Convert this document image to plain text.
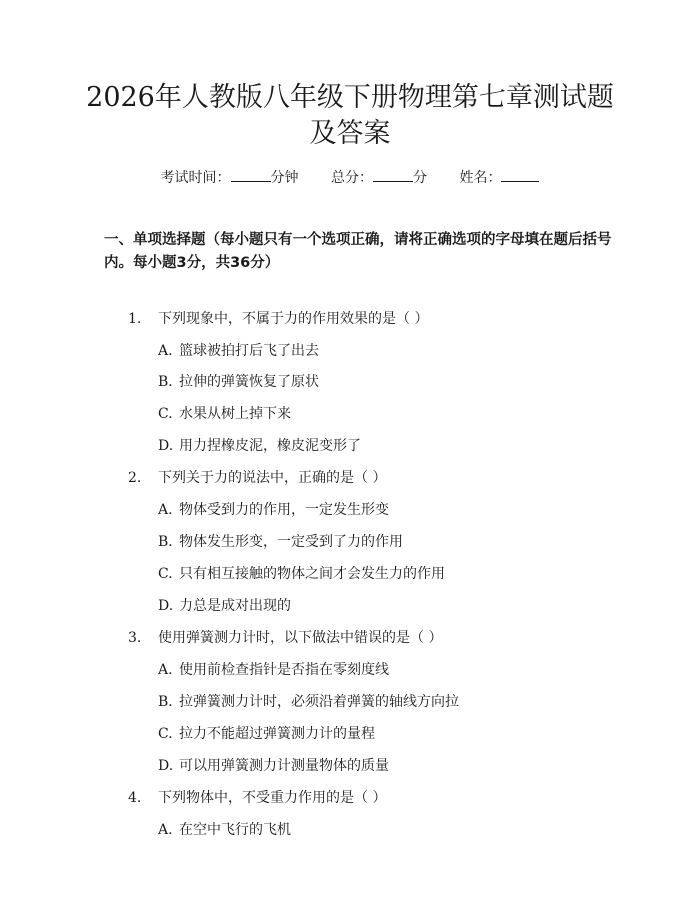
2026年人教版八年级下册物理第七章测试题
及答案
考试时间：	分钟 总分：	分 姓名：

一、单项选择题（每小题只有一个选项正确，请将正确选项的字母填在题后括号内。每小题3分，共36分）

1. 下列现象中，不属于力的作用效果的是（ ）
A. 篮球被拍打后飞了出去
B. 拉伸的弹簧恢复了原状
C. 水果从树上掉下来
D. 用力捏橡皮泥，橡皮泥变形了
2. 下列关于力的说法中，正确的是（ ）
A. 物体受到力的作用，一定发生形变
B. 物体发生形变，一定受到了力的作用
C. 只有相互接触的物体之间才会发生力的作用
D. 力总是成对出现的
3. 使用弹簧测力计时，以下做法中错误的是（ ）
A. 使用前检查指针是否指在零刻度线
B. 拉弹簧测力计时，必须沿着弹簧的轴线方向拉
C. 拉力不能超过弹簧测力计的量程
D. 可以用弹簧测力计测量物体的质量
4. 下列物体中，不受重力作用的是（ ）
A. 在空中飞行的飞机
